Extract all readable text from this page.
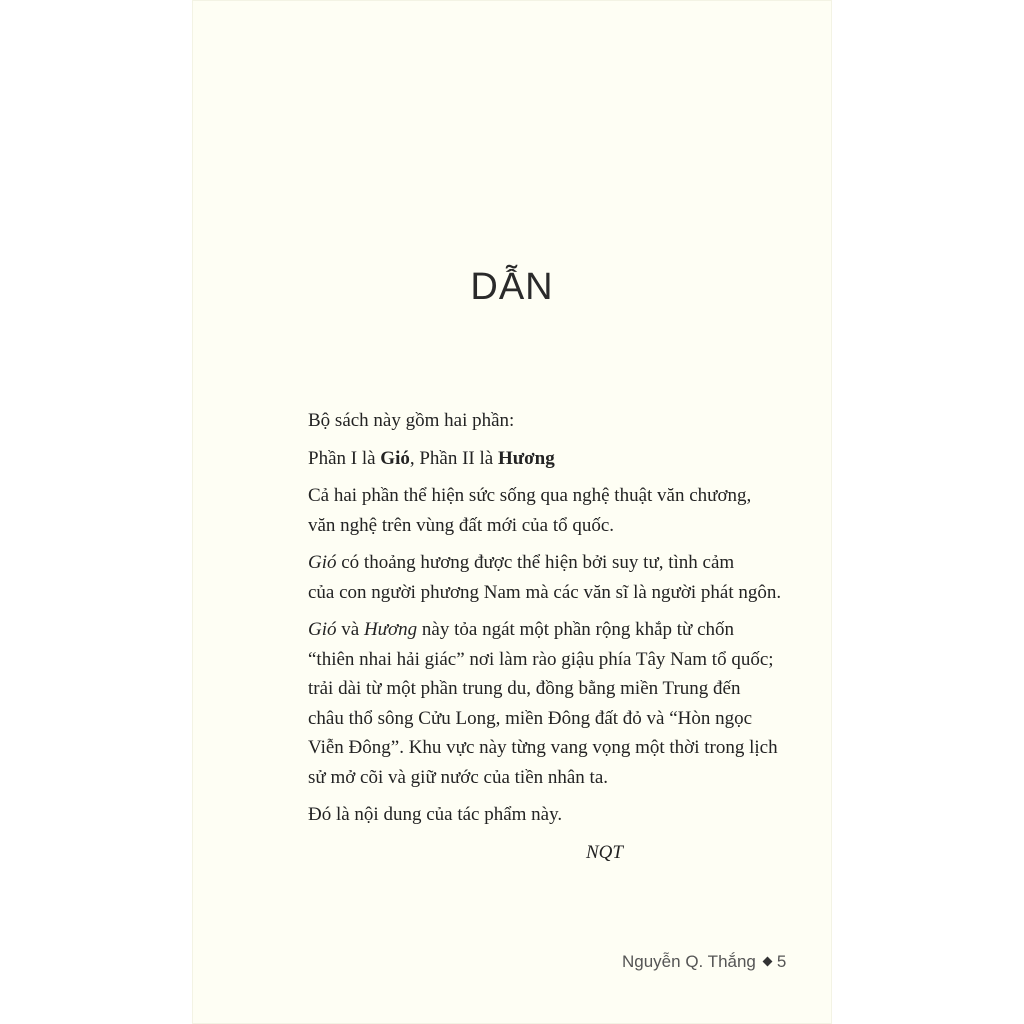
DẪN
Bộ sách này gồm hai phần:
Phần I là Gió, Phần II là Hương
Cả hai phần thể hiện sức sống qua nghệ thuật văn chương,
văn nghệ trên vùng đất mới của tổ quốc.
Gió có thoảng hương được thể hiện bởi suy tư, tình cảm
của con người phương Nam mà các văn sĩ là người phát ngôn.
Gió và Hương này tỏa ngát một phần rộng khắp từ chốn
“thiên nhai hải giác” nơi làm rào giậu phía Tây Nam tổ quốc;
trải dài từ một phần trung du, đồng bằng miền Trung đến
châu thổ sông Cửu Long, miền Đông đất đỏ và “Hòn ngọc
Viễn Đông”. Khu vực này từng vang vọng một thời trong lịch
sử mở cõi và giữ nước của tiền nhân ta.
Đó là nội dung của tác phẩm này.
NQT
Nguyễn Q. Thắng 5
